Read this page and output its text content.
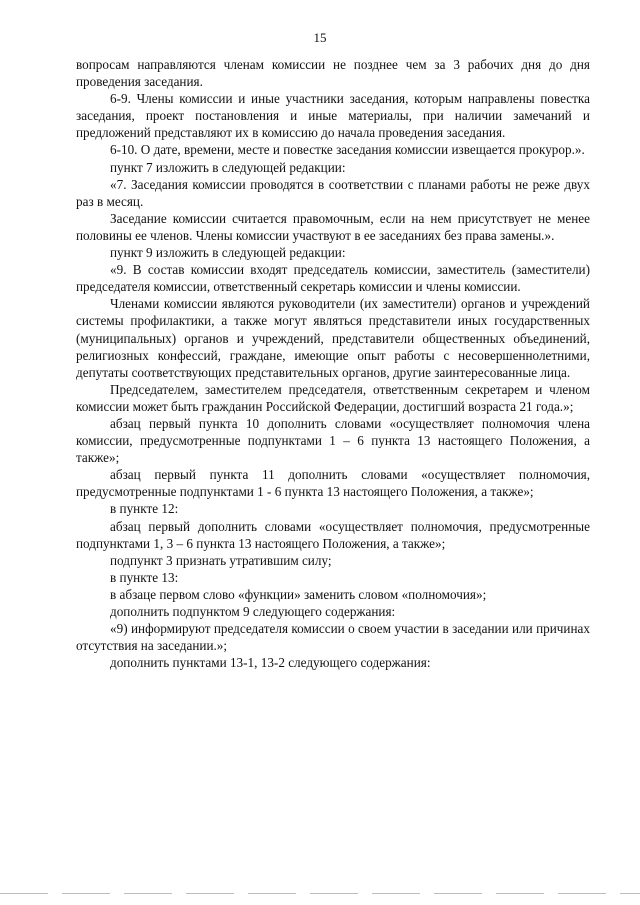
15

вопросам направляются членам комиссии не позднее чем за 3 рабочих дня до дня проведения заседания.

6-9. Члены комиссии и иные участники заседания, которым направлены повестка заседания, проект постановления и иные материалы, при наличии замечаний и предложений представляют их в комиссию до начала проведения заседания.

6-10. О дате, времени, месте и повестке заседания комиссии извещается прокурор.».

пункт 7 изложить в следующей редакции:

«7. Заседания комиссии проводятся в соответствии с планами работы не реже двух раз в месяц.

Заседание комиссии считается правомочным, если на нем присутствует не менее половины ее членов. Члены комиссии участвуют в ее заседаниях без права замены.».

пункт 9 изложить в следующей редакции:

«9. В состав комиссии входят председатель комиссии, заместитель (заместители) председателя комиссии, ответственный секретарь комиссии и члены комиссии.

Членами комиссии являются руководители (их заместители) органов и учреждений системы профилактики, а также могут являться представители иных государственных (муниципальных) органов и учреждений, представители общественных объединений, религиозных конфессий, граждане, имеющие опыт работы с несовершеннолетними, депутаты соответствующих представительных органов, другие заинтересованные лица.

Председателем, заместителем председателя, ответственным секретарем и членом комиссии может быть гражданин Российской Федерации, достигший возраста 21 года.»;

абзац первый пункта 10 дополнить словами «осуществляет полномочия члена комиссии, предусмотренные подпунктами 1 – 6 пункта 13 настоящего Положения, а также»;

абзац первый пункта 11 дополнить словами «осуществляет полномочия, предусмотренные подпунктами 1 - 6 пункта 13 настоящего Положения, а также»;

в пункте 12:

абзац первый дополнить словами «осуществляет полномочия, предусмотренные подпунктами 1, 3 – 6 пункта 13 настоящего Положения, а также»;

подпункт 3 признать утратившим силу;

в пункте 13:

в абзаце первом слово «функции» заменить словом «полномочия»;

дополнить подпунктом 9 следующего содержания:

«9) информируют председателя комиссии о своем участии в заседании или причинах отсутствия на заседании.»;

дополнить пунктами 13-1, 13-2 следующего содержания:
